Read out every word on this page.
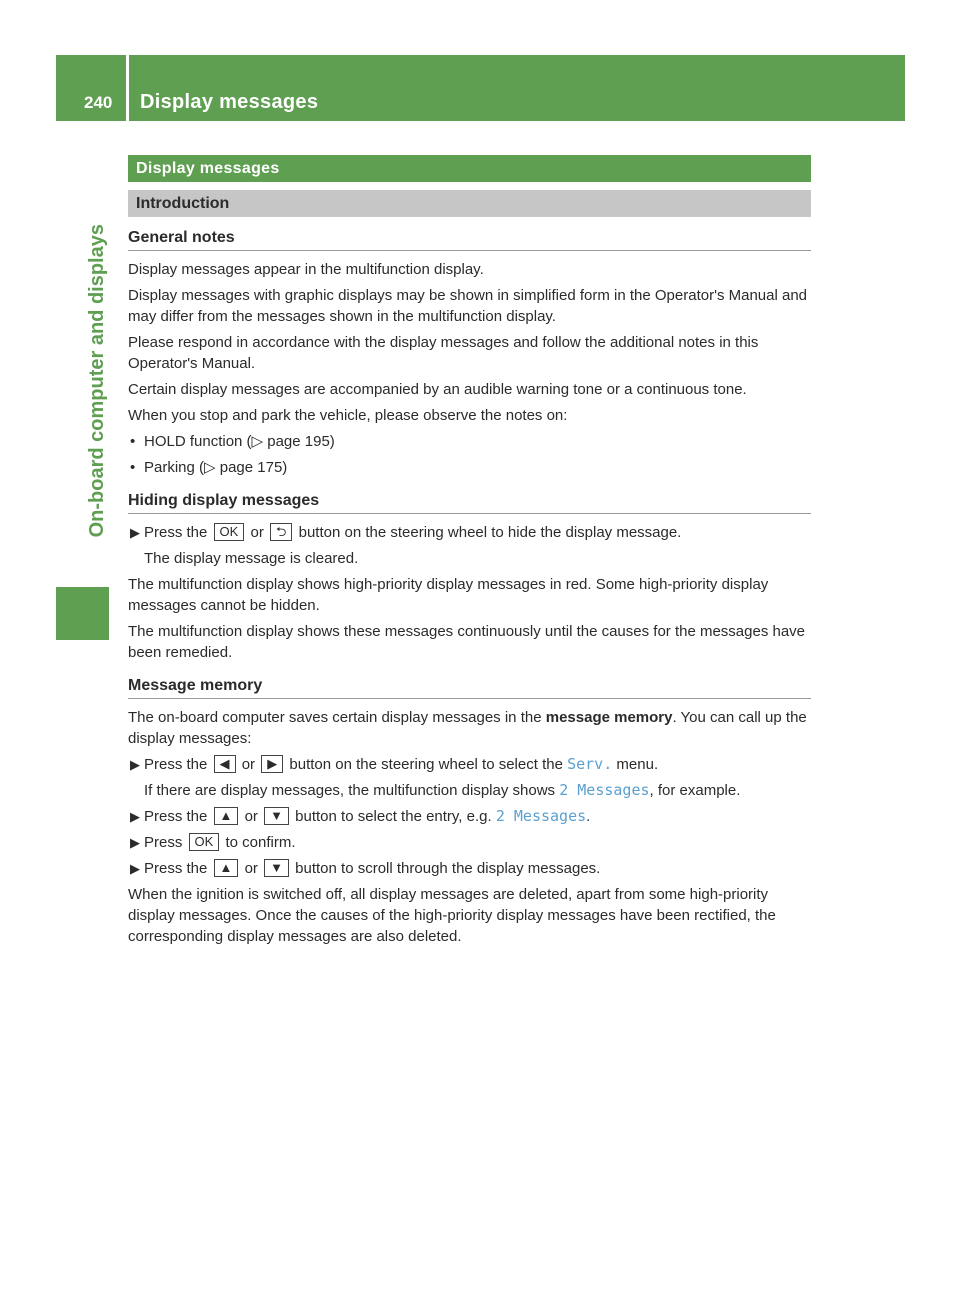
240 Display messages
On-board computer and displays
Display messages
Introduction
General notes

Display messages appear in the multifunction display.

Display messages with graphic displays may be shown in simplified form in the Operator's Manual and may differ from the messages shown in the multifunction display.

Please respond in accordance with the display messages and follow the additional notes in this Operator's Manual.

Certain display messages are accompanied by an audible warning tone or a continuous tone.

When you stop and park the vehicle, please observe the notes on:

• HOLD function (▷ page 195)

• Parking (▷ page 175)

Hiding display messages

▶ Press the OK or ⮌ button on the steering wheel to hide the display message.

The display message is cleared.

The multifunction display shows high-priority display messages in red. Some high-priority display messages cannot be hidden.

The multifunction display shows these messages continuously until the causes for the messages have been remedied.

Message memory

The on-board computer saves certain display messages in the message memory. You can call up the display messages:

▶ Press the ◀ or ▶ button on the steering wheel to select the Serv. menu.

If there are display messages, the multifunction display shows 2 Messages, for example.

▶ Press the ▲ or ▼ button to select the entry, e.g. 2 Messages.

▶ Press OK to confirm.

▶ Press the ▲ or ▼ button to scroll through the display messages.

When the ignition is switched off, all display messages are deleted, apart from some high-priority display messages. Once the causes of the high-priority display messages have been rectified, the corresponding display messages are also deleted.
